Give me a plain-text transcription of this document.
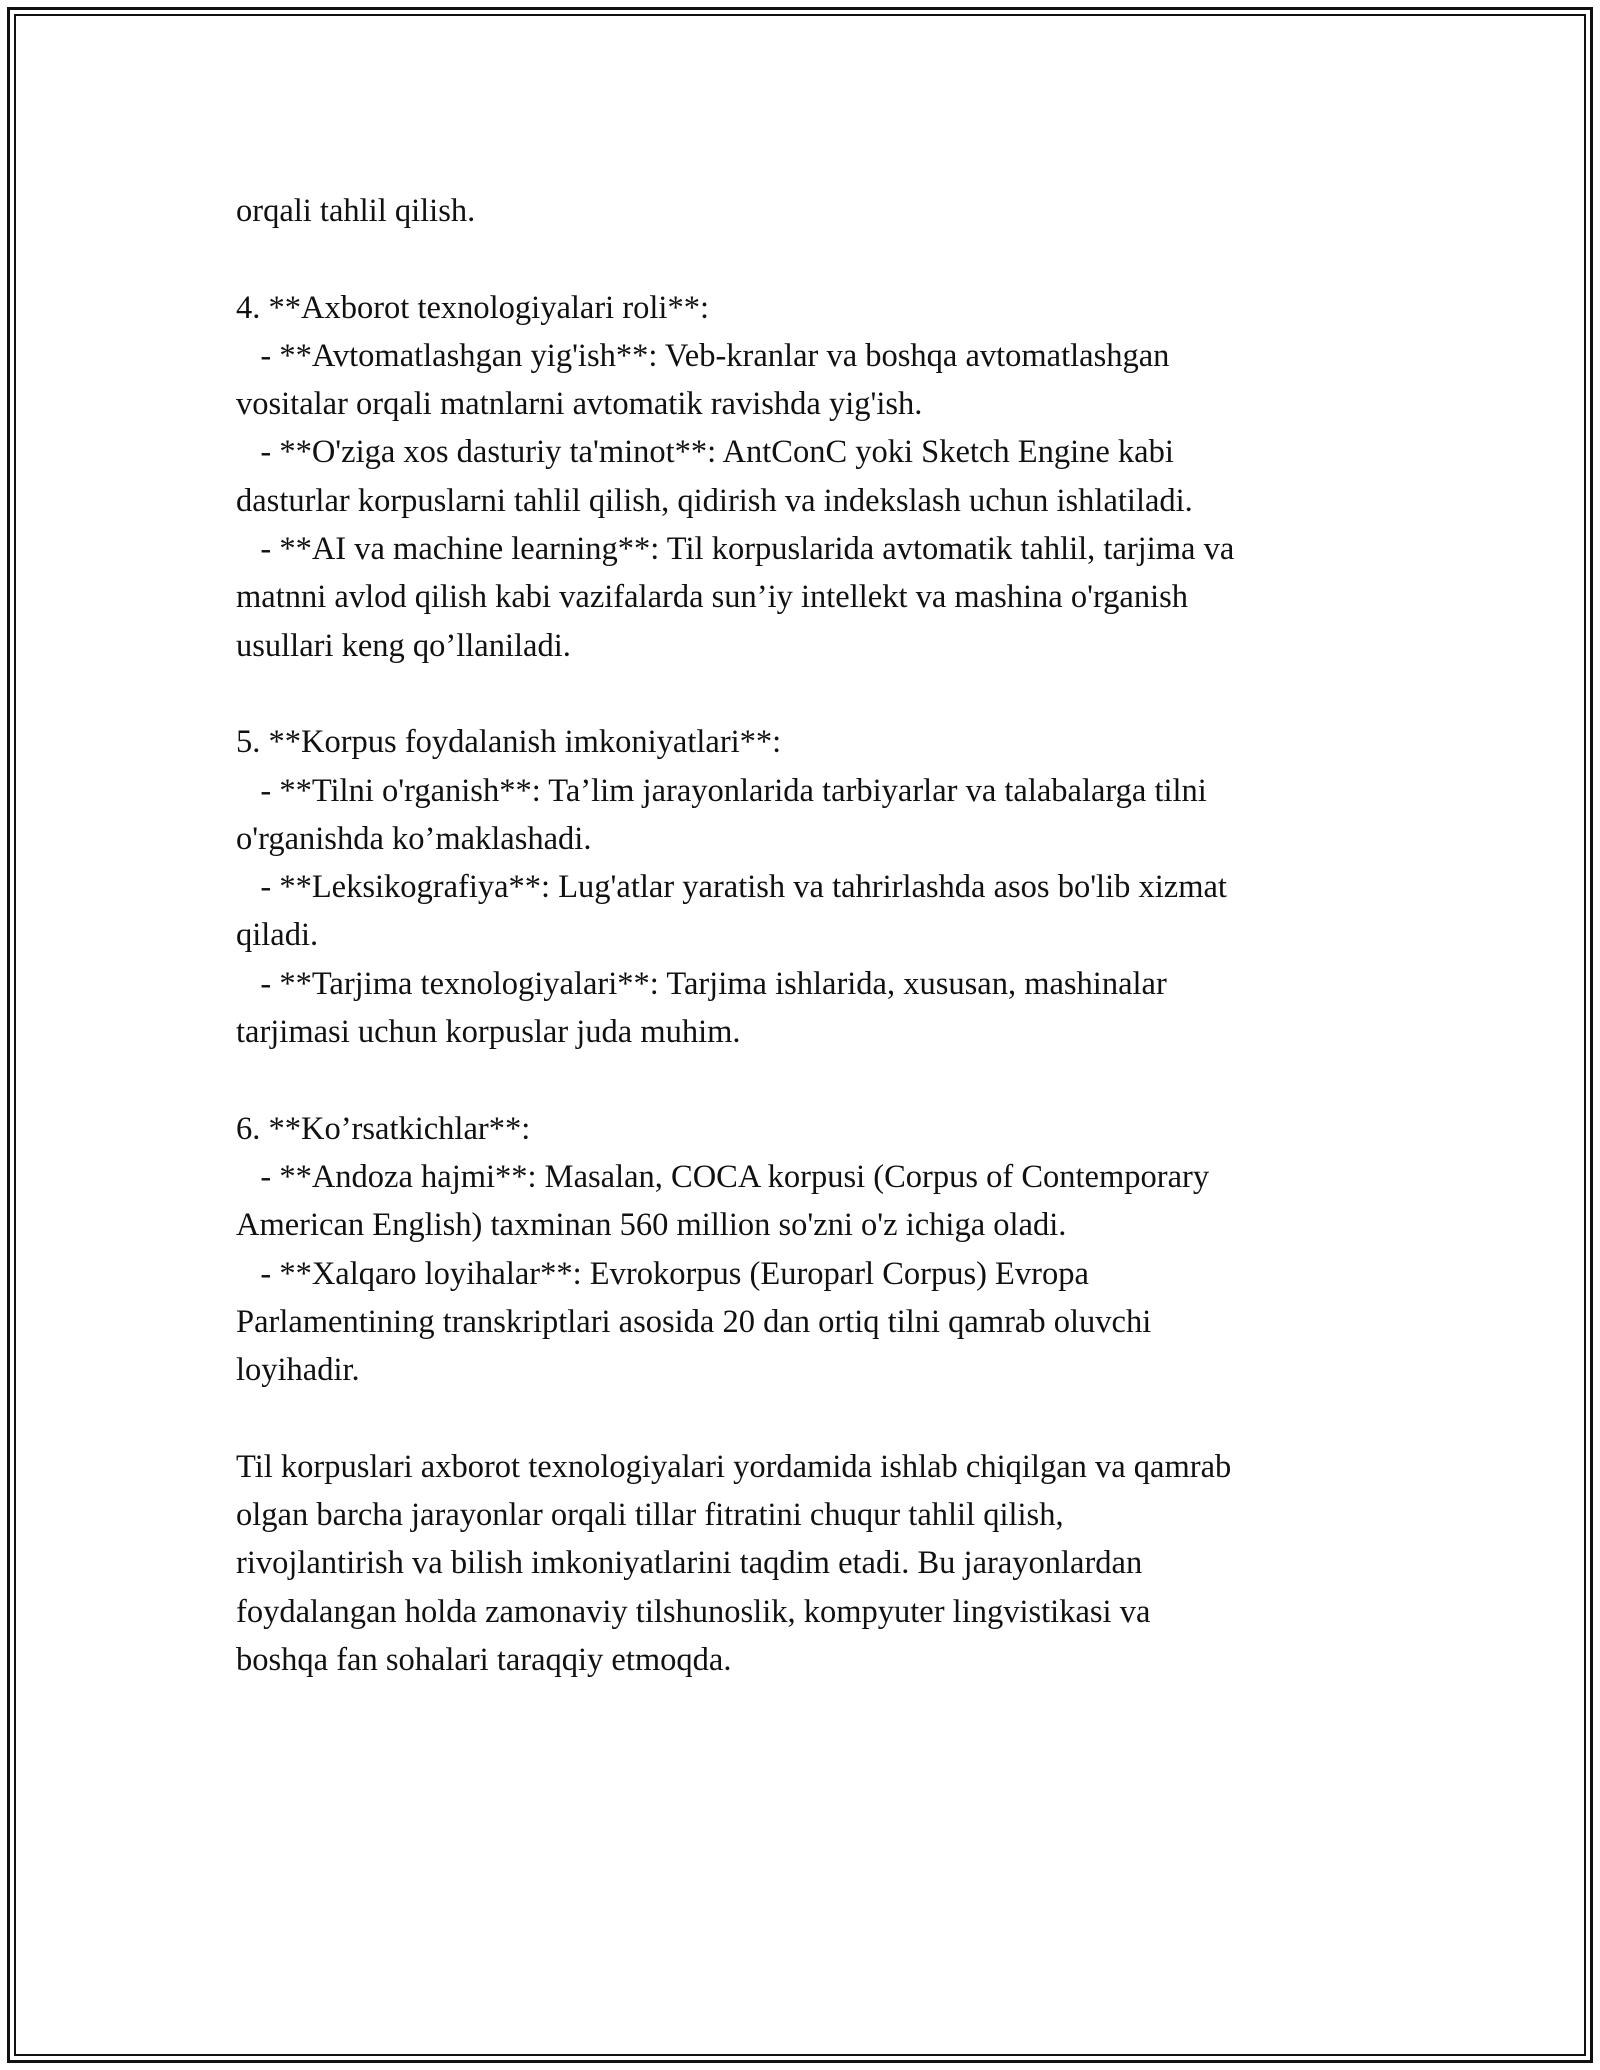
orqali tahlil qilish.
4. **Axborot texnologiyalari roli**:
- **Avtomatlashgan yig'ish**: Veb-kranlar va boshqa avtomatlashgan
vositalar orqali matnlarni avtomatik ravishda yig'ish.
- **O'ziga xos dasturiy ta'minot**: AntConC yoki Sketch Engine kabi
dasturlar korpuslarni tahlil qilish, qidirish va indekslash uchun ishlatiladi.
- **AI va machine learning**: Til korpuslarida avtomatik tahlil, tarjima va
matnni avlod qilish kabi vazifalarda sun’iy intellekt va mashina o'rganish
usullari keng qo’llaniladi.
5. **Korpus foydalanish imkoniyatlari**:
- **Tilni o'rganish**: Ta’lim jarayonlarida tarbiyarlar va talabalarga tilni
o'rganishda ko’maklashadi.
- **Leksikografiya**: Lug'atlar yaratish va tahrirlashda asos bo'lib xizmat
qiladi.
- **Tarjima texnologiyalari**: Tarjima ishlarida, xususan, mashinalar
tarjimasi uchun korpuslar juda muhim.
6. **Ko’rsatkichlar**:
- **Andoza hajmi**: Masalan, COCA korpusi (Corpus of Contemporary
American English) taxminan 560 million so'zni o'z ichiga oladi.
- **Xalqaro loyihalar**: Evrokorpus (Europarl Corpus) Evropa
Parlamentining transkriptlari asosida 20 dan ortiq tilni qamrab oluvchi
loyihadir.
Til korpuslari axborot texnologiyalari yordamida ishlab chiqilgan va qamrab
olgan barcha jarayonlar orqali tillar fitratini chuqur tahlil qilish,
rivojlantirish va bilish imkoniyatlarini taqdim etadi. Bu jarayonlardan
foydalangan holda zamonaviy tilshunoslik, kompyuter lingvistikasi va
boshqa fan sohalari taraqqiy etmoqda.
